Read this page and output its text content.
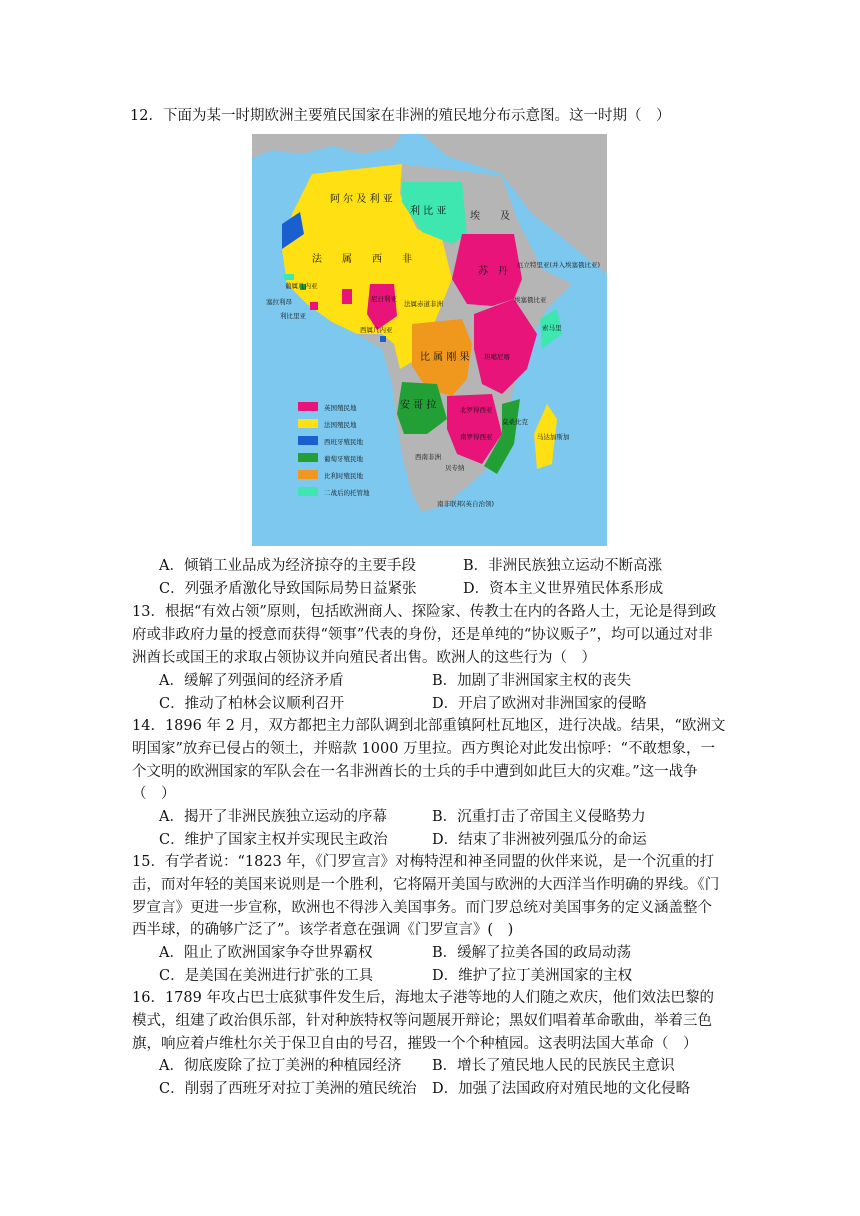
12．下面为某一时期欧洲主要殖民国家在非洲的殖民地分布示意图。这一时期（　）
阿 尔 及 利 亚
利 比 亚 埃　　及
法　　属　　西　　非
苏　丹
厄立特里亚(并入埃塞俄比亚)
埃塞俄比亚
索马里
尼日利亚
法属赤道非洲
比 属 刚 果
安 哥 拉	北罗得西亚
南罗得西亚
坦噶尼喀
莫桑比克
马达加斯加
西南非洲
贝专纳
南非联邦(英自治领)
葡属几内亚
塞拉利昂
利比里亚
西属几内亚
英国殖民地
法国殖民地
西班牙殖民地
葡萄牙殖民地
比利时殖民地
二战后的托管地
A．倾销工业品成为经济掠夺的主要手段	B．非洲民族独立运动不断高涨
C．列强矛盾激化导致国际局势日益紧张	D．资本主义世界殖民体系形成
13．根据“有效占领”原则，包括欧洲商人、探险家、传教士在内的各路人士，无论是得到政
府或非政府力量的授意而获得“领事”代表的身份，还是单纯的“协议贩子”，均可以通过对非
洲酋长或国王的求取占领协议并向殖民者出售。欧洲人的这些行为（　）
A．缓解了列强间的经济矛盾	B．加剧了非洲国家主权的丧失
C．推动了柏林会议顺利召开	D．开启了欧洲对非洲国家的侵略
14．1896 年 2 月，双方都把主力部队调到北部重镇阿杜瓦地区，进行决战。结果，“欧洲文
明国家”放弃已侵占的领土，并赔款 1000 万里拉。西方舆论对此发出惊呼：“不敢想象，一
个文明的欧洲国家的军队会在一名非洲酋长的士兵的手中遭到如此巨大的灾难。”这一战争
（　）
A．揭开了非洲民族独立运动的序幕	B．沉重打击了帝国主义侵略势力
C．维护了国家主权并实现民主政治	D．结束了非洲被列强瓜分的命运
15．有学者说：“1823 年，《门罗宣言》对梅特涅和神圣同盟的伙伴来说，是一个沉重的打
击，而对年轻的美国来说则是一个胜利，它将隔开美国与欧洲的大西洋当作明确的界线。《门
罗宣言》更进一步宣称，欧洲也不得涉入美国事务。而门罗总统对美国事务的定义涵盖整个
西半球，的确够广泛了”。该学者意在强调《门罗宣言》(　)
A．阻止了欧洲国家争夺世界霸权	B．缓解了拉美各国的政局动荡
C．是美国在美洲进行扩张的工具	D．维护了拉丁美洲国家的主权
16．1789 年攻占巴士底狱事件发生后，海地太子港等地的人们随之欢庆，他们效法巴黎的
模式，组建了政治俱乐部，针对种族特权等问题展开辩论；黑奴们唱着革命歌曲，举着三色
旗，响应着卢维杜尔关于保卫自由的号召，摧毁一个个种植园。这表明法国大革命（　）
A．彻底废除了拉丁美洲的种植园经济 B．增长了殖民地人民的民族民主意识
C．削弱了西班牙对拉丁美洲的殖民统治 D．加强了法国政府对殖民地的文化侵略
